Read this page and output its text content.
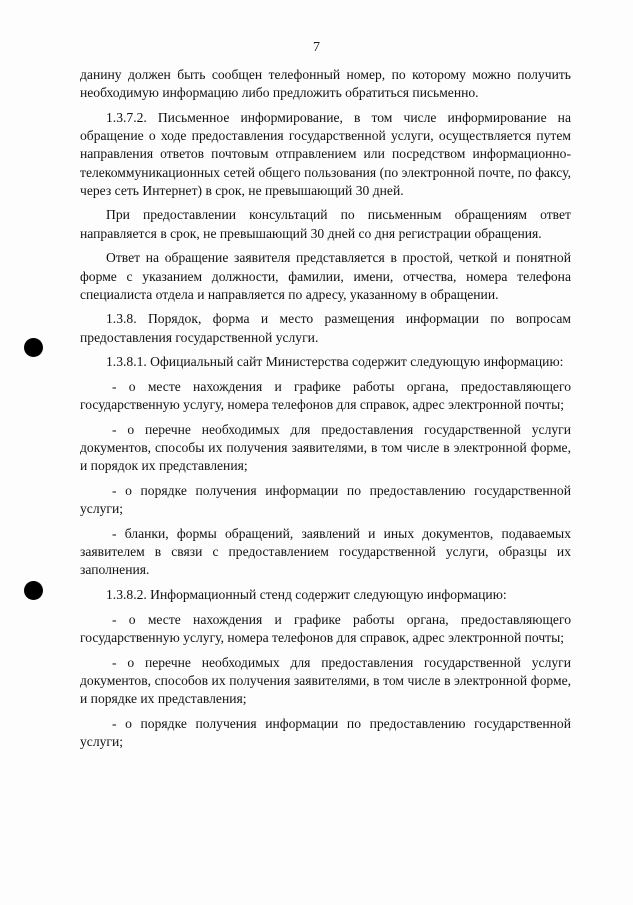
7

данину должен быть сообщен телефонный номер, по которому можно получить необходимую информацию либо предложить обратиться письменно.

1.3.7.2. Письменное информирование, в том числе информирование на обращение о ходе предоставления государственной услуги, осуществляется путем направления ответов почтовым отправлением или посредством информационно-телекоммуникационных сетей общего пользования (по электронной почте, по факсу, через сеть Интернет) в срок, не превышающий 30 дней.

При предоставлении консультаций по письменным обращениям ответ направляется в срок, не превышающий 30 дней со дня регистрации обращения.

Ответ на обращение заявителя представляется в простой, четкой и понятной форме с указанием должности, фамилии, имени, отчества, номера телефона специалиста отдела и направляется по адресу, указанному в обращении.

1.3.8. Порядок, форма и место размещения информации по вопросам предоставления государственной услуги.

1.3.8.1. Официальный сайт Министерства содержит следующую информацию:

- о месте нахождения и графике работы органа, предоставляющего государственную услугу, номера телефонов для справок, адрес электронной почты;

- о перечне необходимых для предоставления государственной услуги документов, способы их получения заявителями, в том числе в электронной форме, и порядок их представления;

- о порядке получения информации по предоставлению государственной услуги;

- бланки, формы обращений, заявлений и иных документов, подаваемых заявителем в связи с предоставлением государственной услуги, образцы их заполнения.

1.3.8.2. Информационный стенд содержит следующую информацию:

- о месте нахождения и графике работы органа, предоставляющего государственную услугу, номера телефонов для справок, адрес электронной почты;

- о перечне необходимых для предоставления государственной услуги документов, способов их получения заявителями, в том числе в электронной форме, и порядке их представления;

- о порядке получения информации по предоставлению государственной услуги;
